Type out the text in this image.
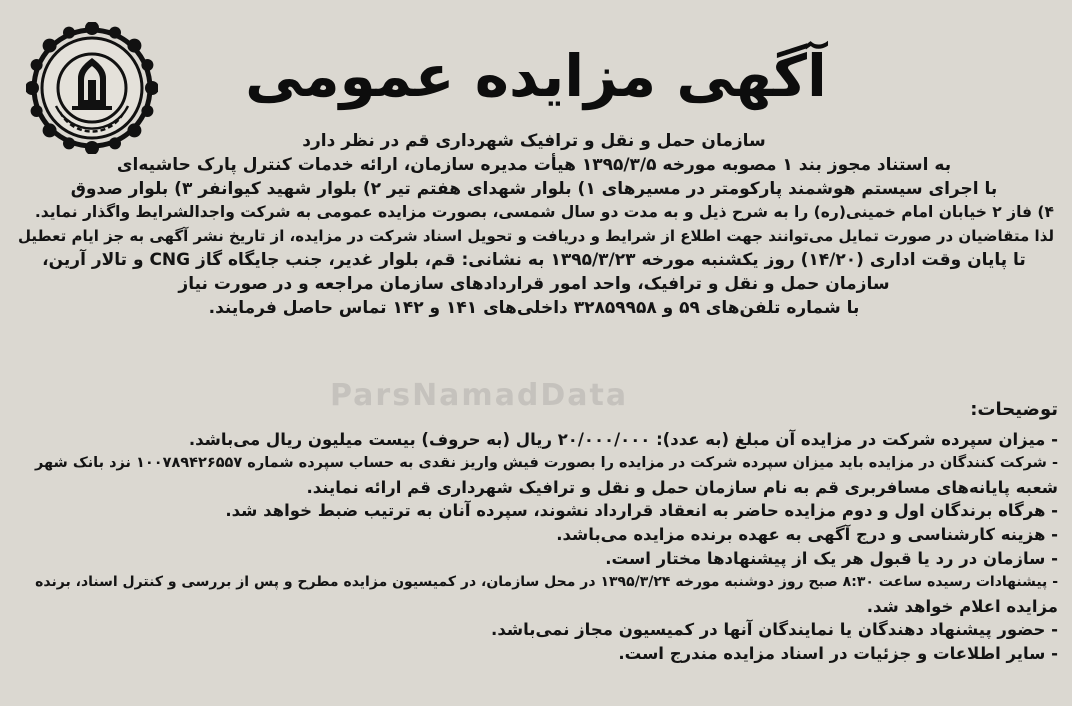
آگهی مزایده عمومی
ParsNamadData

سازمان حمل و نقل و ترافیک شهرداری قم در نظر دارد

به استناد مجوز بند ۱ مصوبه مورخه ۱۳۹۵/۳/۵ هیأت مدیره سازمان، ارائه خدمات کنترل پارک حاشیه‌ای

با اجرای سیستم هوشمند پارکومتر در مسیرهای ۱) بلوار شهدای هفتم تیر ۲) بلوار شهید کیوانفر ۳) بلوار صدوق

۴) فاز ۲ خیابان امام خمینی(ره) را به شرح ذیل و به مدت دو سال شمسی، بصورت مزایده عمومی به شرکت واجدالشرایط واگذار نماید.

لذا متقاضیان در صورت تمایل می‌توانند جهت اطلاع از شرایط و دریافت و تحویل اسناد شرکت در مزایده، از تاریخ نشر آگهی به جز ایام تعطیل

تا پایان وقت اداری (۱۴/۲۰) روز یکشنبه مورخه ۱۳۹۵/۳/۲۳ به نشانی: قم، بلوار غدیر، جنب جایگاه گاز CNG و تالار آرین،

سازمان حمل و نقل و ترافیک، واحد امور قراردادهای سازمان مراجعه و در صورت نیاز

با شماره تلفن‌های ۵۹ و ۳۲۸۵۹۹۵۸ داخلی‌های ۱۴۱ و ۱۴۲ تماس حاصل فرمایند.

توضیحات:

- میزان سپرده شرکت در مزایده آن مبلغ (به عدد): ۲۰/۰۰۰/۰۰۰ ریال (به حروف) بیست میلیون ریال می‌باشد.

- شرکت کنندگان در مزایده باید میزان سپرده شرکت در مزایده را بصورت فیش واریز نقدی به حساب سپرده شماره ۱۰۰۷۸۹۴۲۶۵۵۷ نزد بانک شهر

شعبه پایانه‌های مسافربری قم به نام سازمان حمل و نقل و ترافیک شهرداری قم ارائه نمایند.

- هرگاه برندگان اول و دوم مزایده حاضر به انعقاد قرارداد نشوند، سپرده آنان به ترتیب ضبط خواهد شد.

- هزینه کارشناسی و درج آگهی به عهده برنده مزایده می‌باشد.

- سازمان در رد یا قبول هر یک از پیشنهادها مختار است.

- پیشنهادات رسیده ساعت ۸:۳۰ صبح روز دوشنبه مورخه ۱۳۹۵/۳/۲۴ در محل سازمان، در کمیسیون مزایده مطرح و پس از بررسی و کنترل اسناد، برنده

مزایده اعلام خواهد شد.

- حضور پیشنهاد دهندگان یا نمایندگان آنها در کمیسیون مجاز نمی‌باشد.

- سایر اطلاعات و جزئیات در اسناد مزایده مندرج است.
